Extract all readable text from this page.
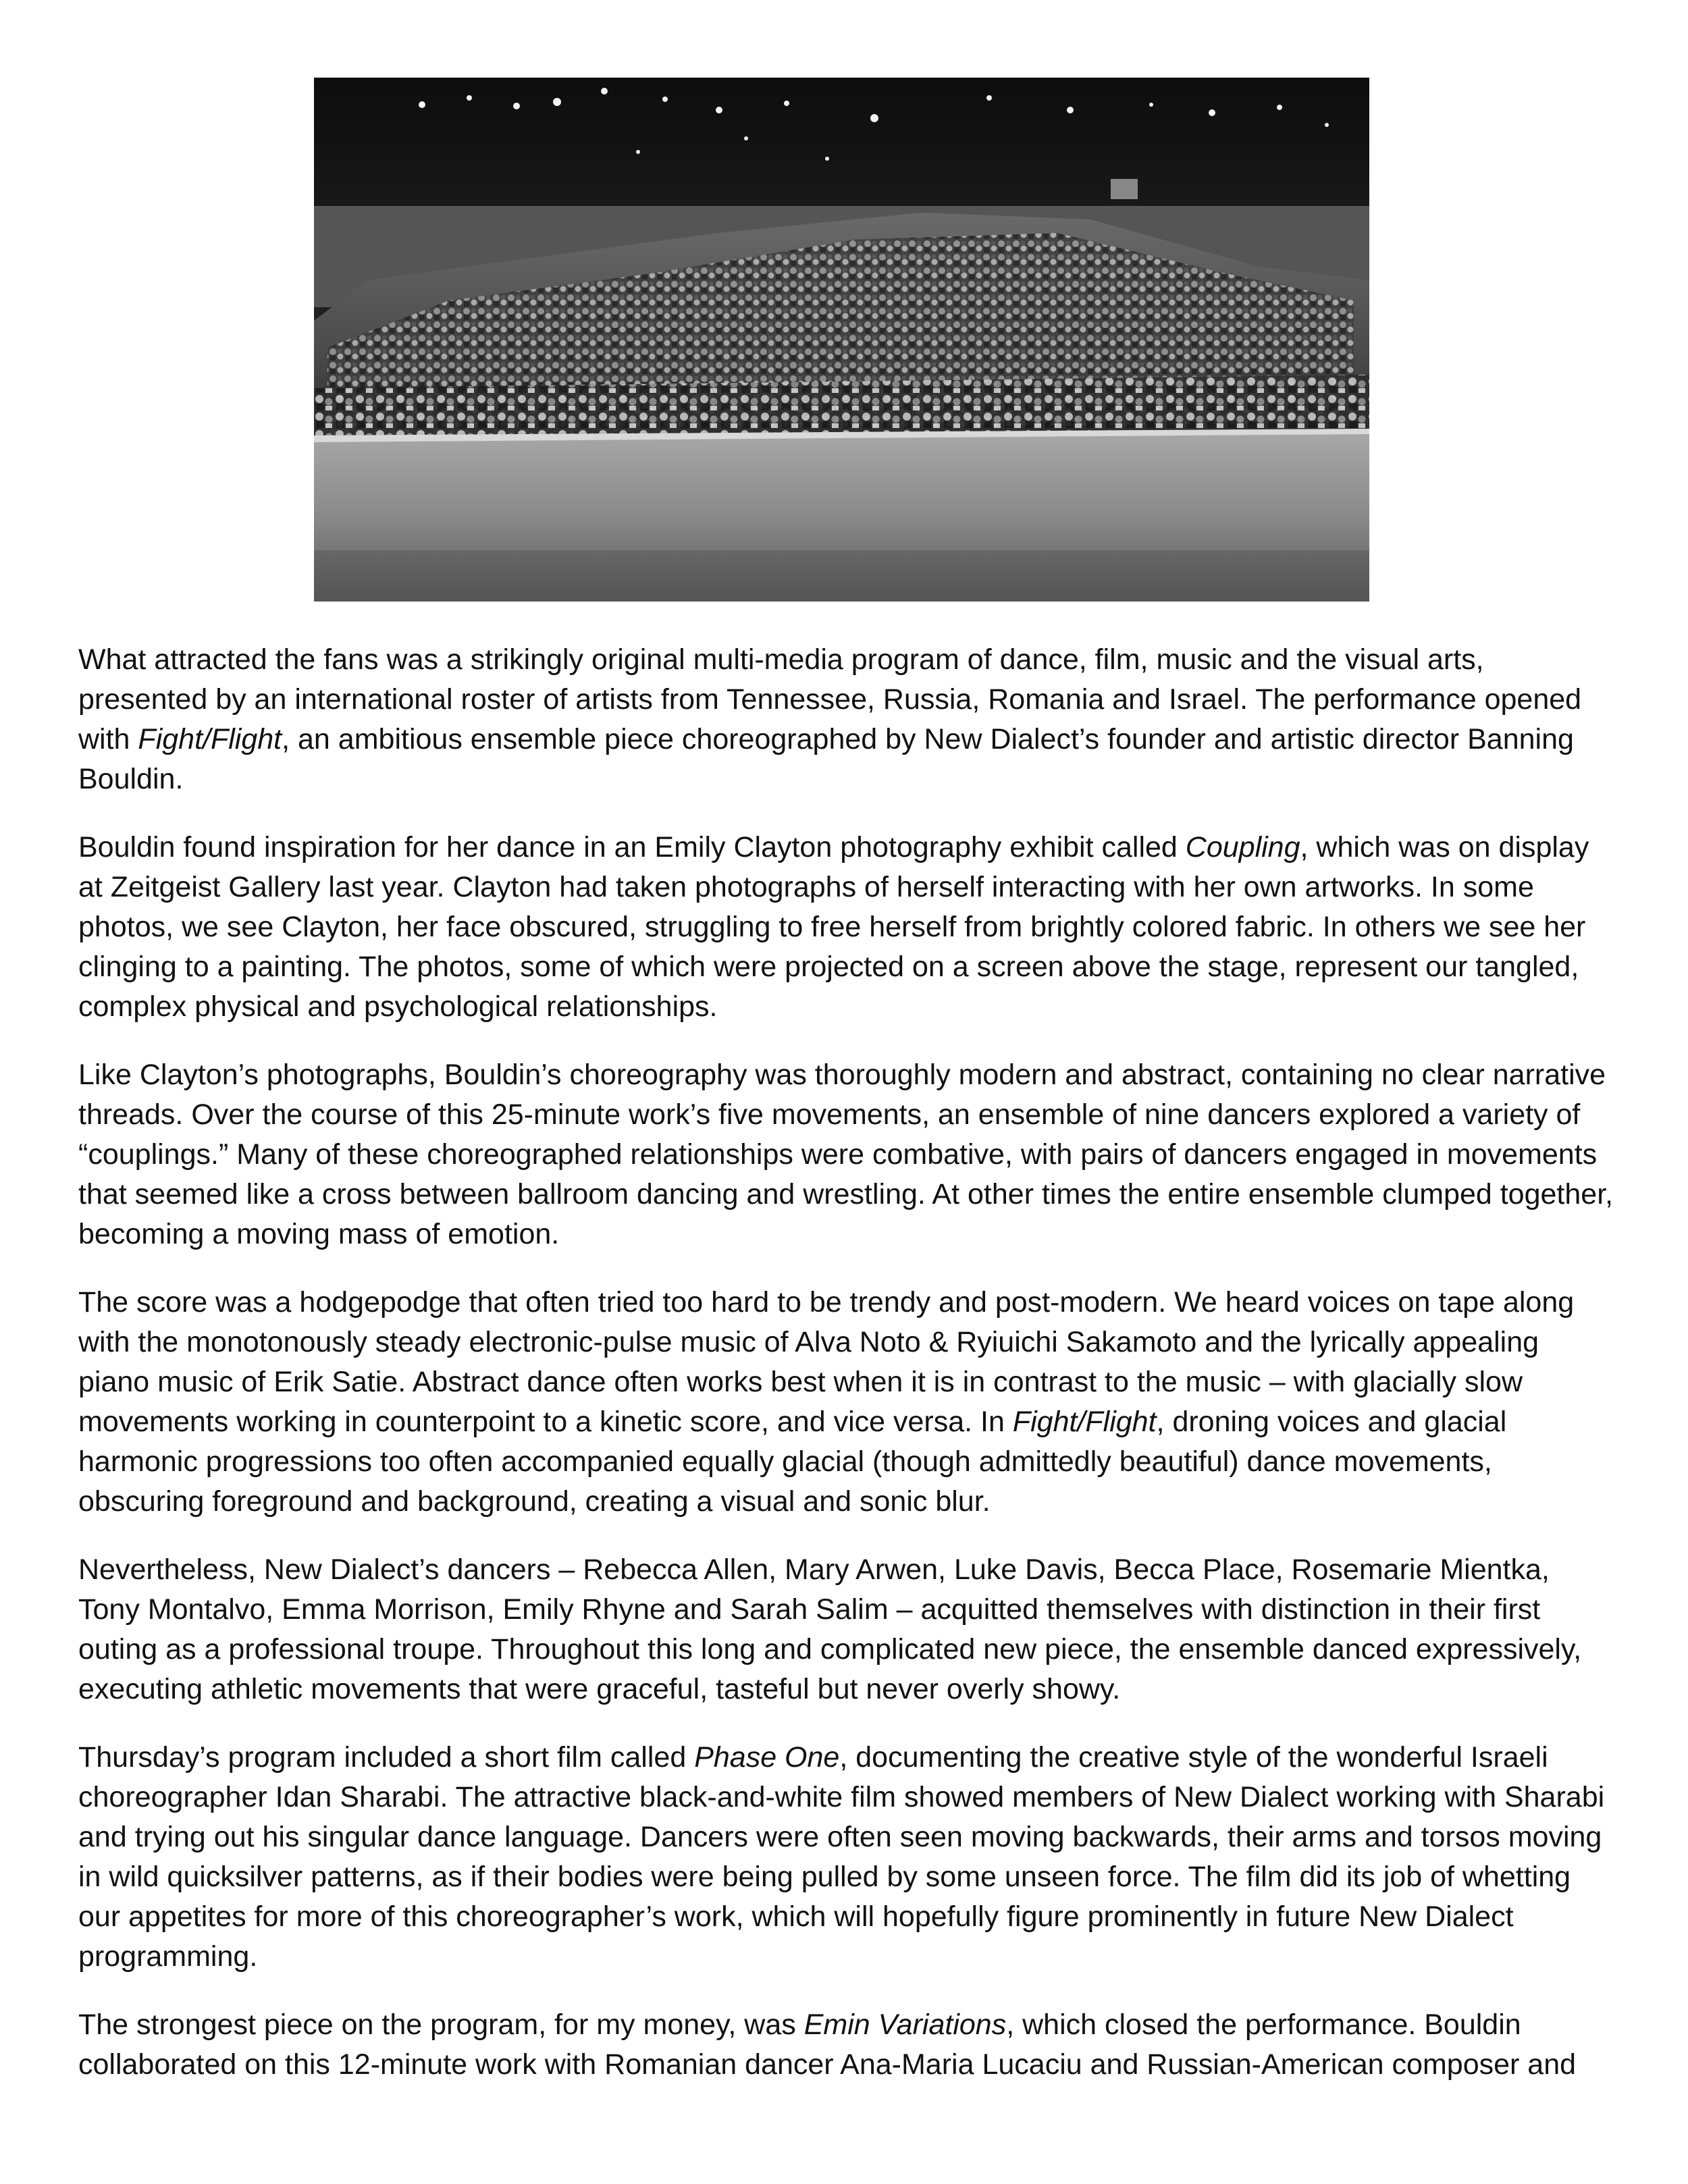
What attracted the fans was a strikingly original multi-media program of dance, film, music and the visual arts, presented by an international roster of artists from Tennessee, Russia, Romania and Israel. The performance opened with Fight/Flight, an ambitious ensemble piece choreographed by New Dialect’s founder and artistic director Banning Bouldin.

Bouldin found inspiration for her dance in an Emily Clayton photography exhibit called Coupling, which was on display at Zeitgeist Gallery last year. Clayton had taken photographs of herself interacting with her own artworks. In some photos, we see Clayton, her face obscured, struggling to free herself from brightly colored fabric. In others we see her clinging to a painting. The photos, some of which were projected on a screen above the stage, represent our tangled, complex physical and psychological relationships.

Like Clayton’s photographs, Bouldin’s choreography was thoroughly modern and abstract, containing no clear narrative threads. Over the course of this 25-minute work’s five movements, an ensemble of nine dancers explored a variety of “couplings.” Many of these choreographed relationships were combative, with pairs of dancers engaged in movements that seemed like a cross between ballroom dancing and wrestling. At other times the entire ensemble clumped together, becoming a moving mass of emotion.

The score was a hodgepodge that often tried too hard to be trendy and post-modern. We heard voices on tape along with the monotonously steady electronic-pulse music of Alva Noto & Ryiuichi Sakamoto and the lyrically appealing piano music of Erik Satie. Abstract dance often works best when it is in contrast to the music – with glacially slow movements working in counterpoint to a kinetic score, and vice versa. In Fight/Flight, droning voices and glacial harmonic progressions too often accompanied equally glacial (though admittedly beautiful) dance movements, obscuring foreground and background, creating a visual and sonic blur.

Nevertheless, New Dialect’s dancers – Rebecca Allen, Mary Arwen, Luke Davis, Becca Place, Rosemarie Mientka, Tony Montalvo, Emma Morrison, Emily Rhyne and Sarah Salim – acquitted themselves with distinction in their first outing as a professional troupe. Throughout this long and complicated new piece, the ensemble danced expressively, executing athletic movements that were graceful, tasteful but never overly showy.

Thursday’s program included a short film called Phase One, documenting the creative style of the wonderful Israeli choreographer Idan Sharabi. The attractive black-and-white film showed members of New Dialect working with Sharabi and trying out his singular dance language. Dancers were often seen moving backwards, their arms and torsos moving in wild quicksilver patterns, as if their bodies were being pulled by some unseen force. The film did its job of whetting our appetites for more of this choreographer’s work, which will hopefully figure prominently in future New Dialect programming.

The strongest piece on the program, for my money, was Emin Variations, which closed the performance. Bouldin collaborated on this 12-minute work with Romanian dancer Ana-Maria Lucaciu and Russian-American composer and
